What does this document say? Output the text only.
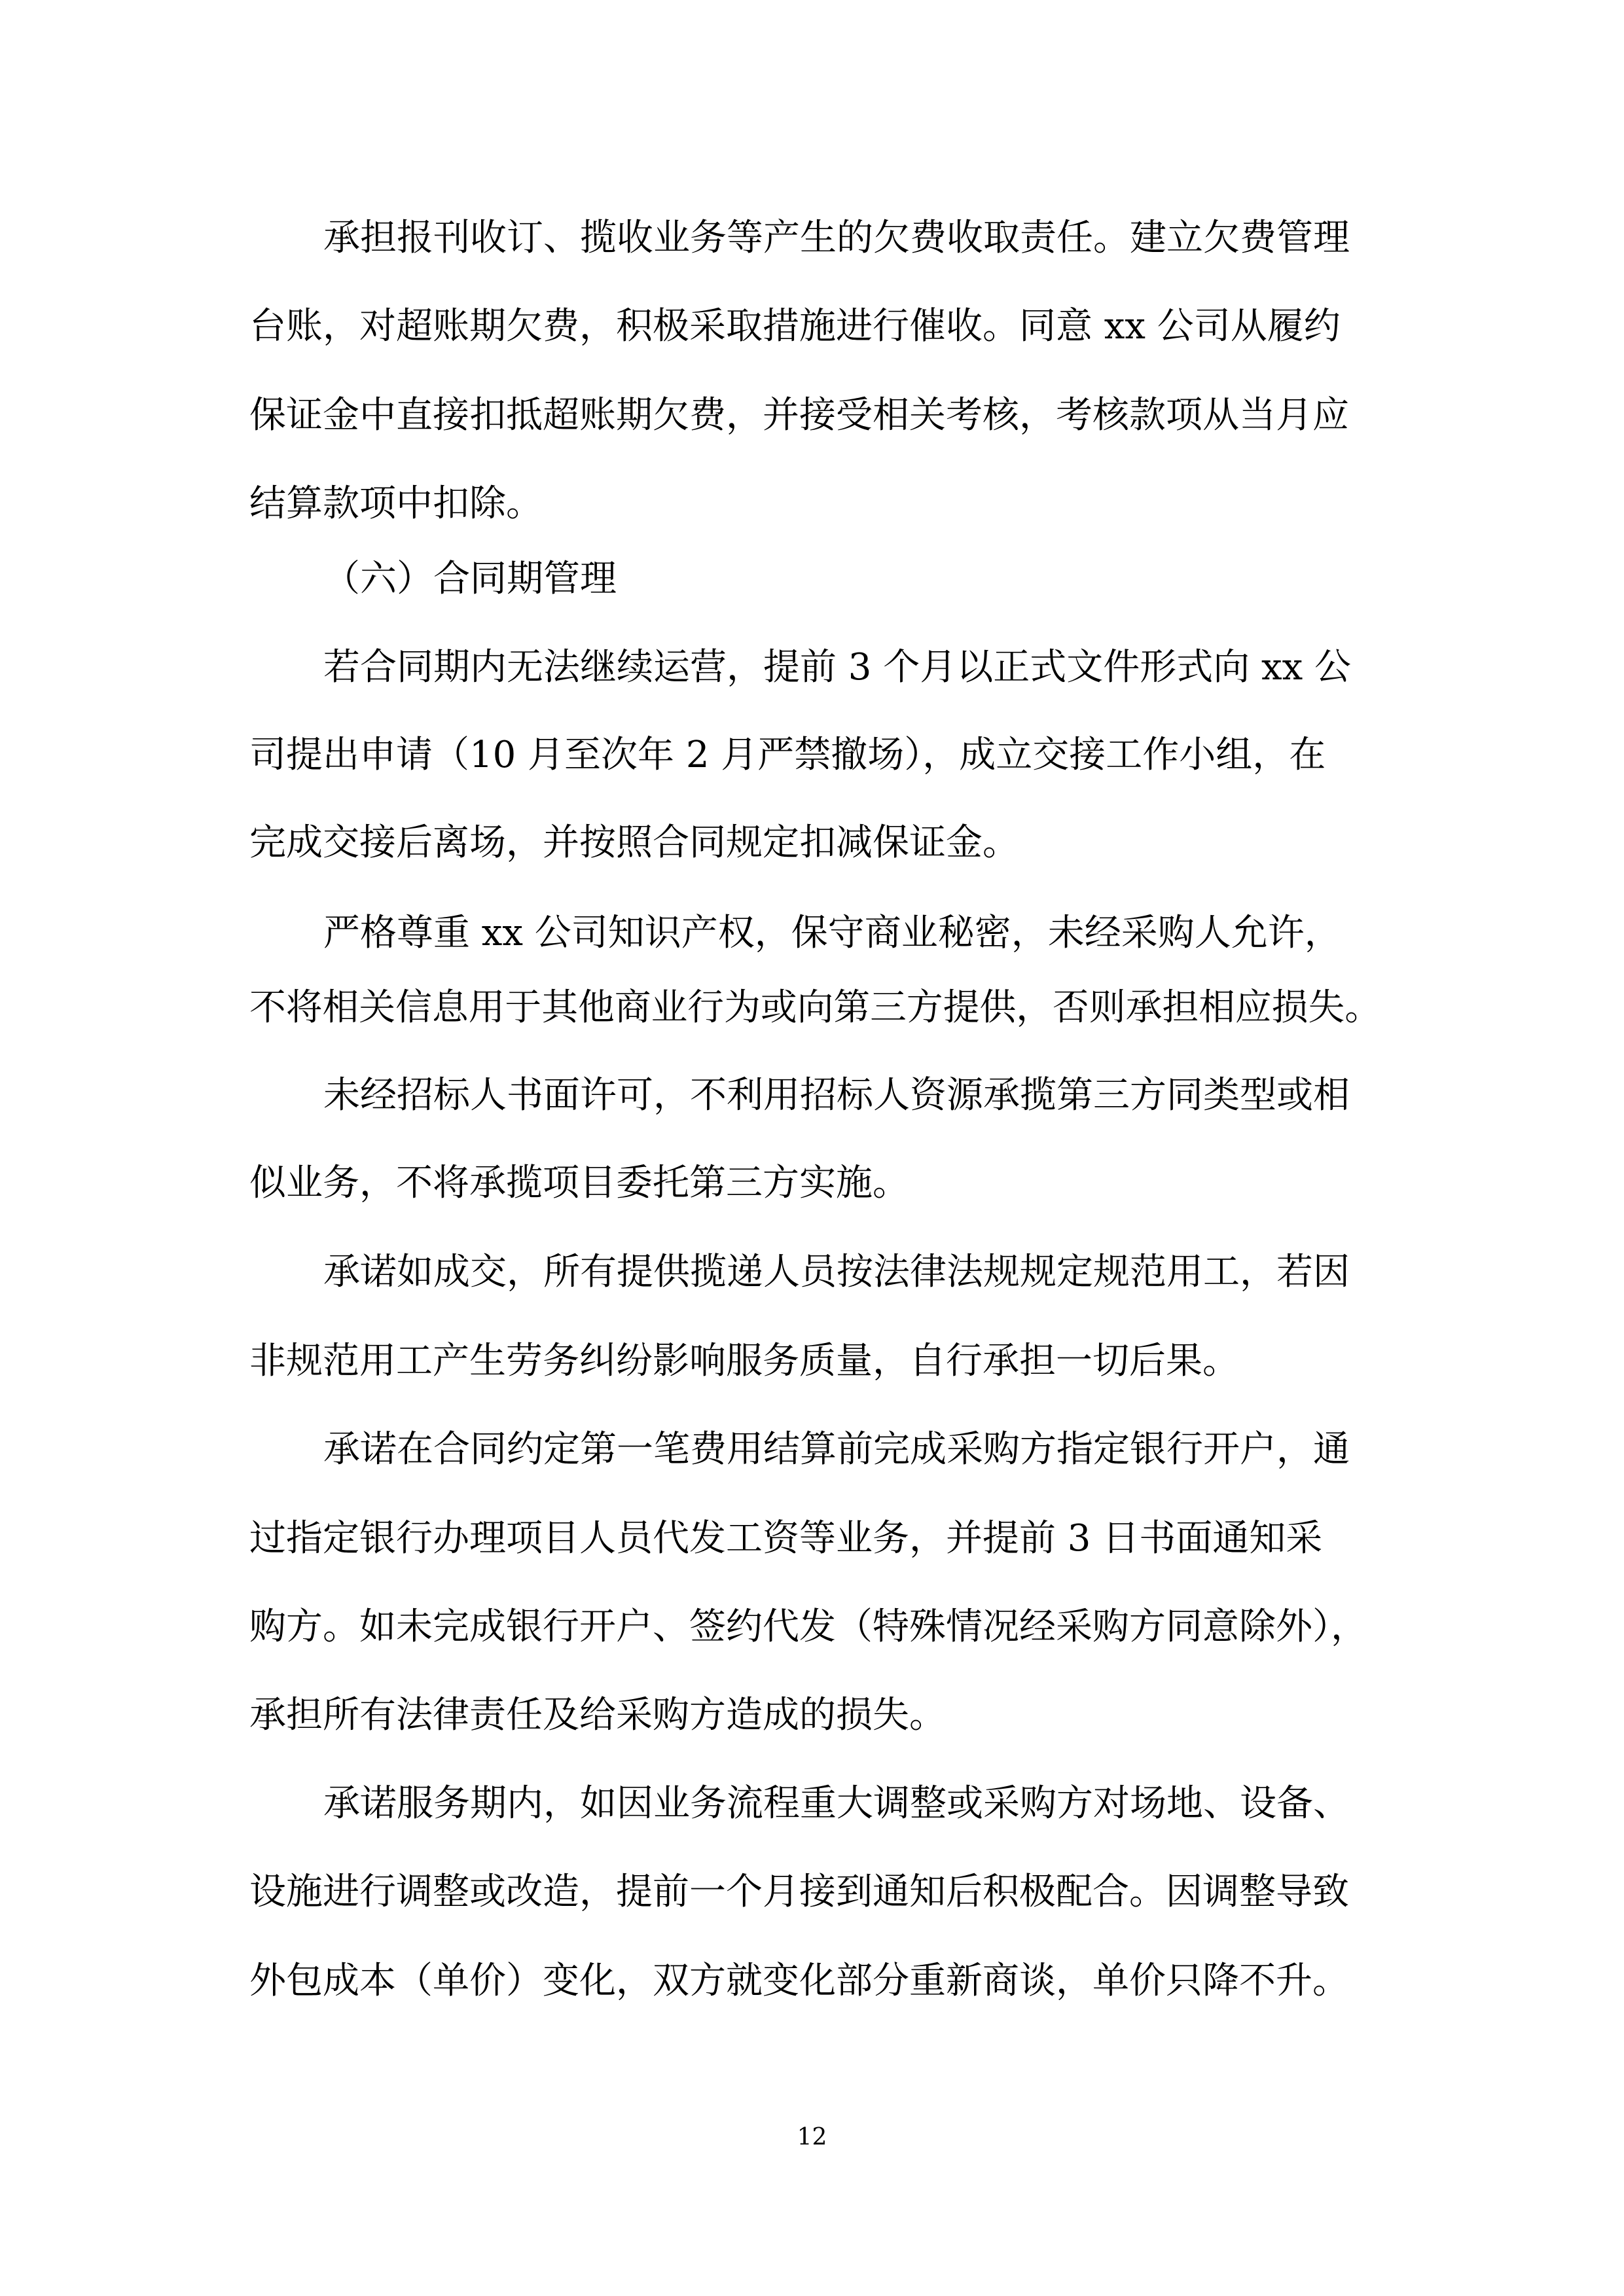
承担报刊收订、揽收业务等产生的欠费收取责任。建立欠费管理

台账，对超账期欠费，积极采取措施进行催收。同意 xx 公司从履约

保证金中直接扣抵超账期欠费，并接受相关考核，考核款项从当月应

结算款项中扣除。

（六）合同期管理

若合同期内无法继续运营，提前 3 个月以正式文件形式向 xx 公

司提出申请（10 月至次年 2 月严禁撤场），成立交接工作小组，在

完成交接后离场，并按照合同规定扣减保证金。

严格尊重 xx 公司知识产权，保守商业秘密，未经采购人允许，

不将相关信息用于其他商业行为或向第三方提供，否则承担相应损失。

未经招标人书面许可，不利用招标人资源承揽第三方同类型或相

似业务，不将承揽项目委托第三方实施。

承诺如成交，所有提供揽递人员按法律法规规定规范用工，若因

非规范用工产生劳务纠纷影响服务质量，自行承担一切后果。

承诺在合同约定第一笔费用结算前完成采购方指定银行开户，通

过指定银行办理项目人员代发工资等业务，并提前 3 日书面通知采

购方。如未完成银行开户、签约代发（特殊情况经采购方同意除外），

承担所有法律责任及给采购方造成的损失。

承诺服务期内，如因业务流程重大调整或采购方对场地、设备、

设施进行调整或改造，提前一个月接到通知后积极配合。因调整导致

外包成本（单价）变化，双方就变化部分重新商谈，单价只降不升。

12
